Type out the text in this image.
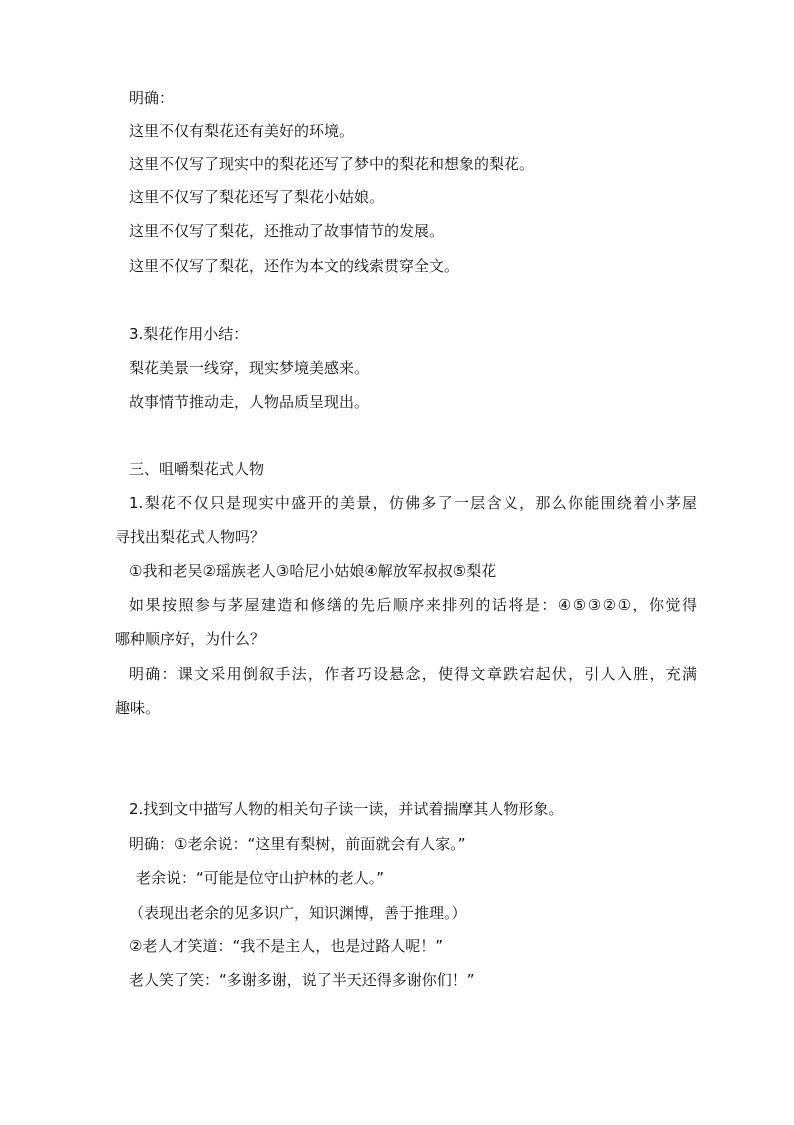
明确：

这里不仅有梨花还有美好的环境。

这里不仅写了现实中的梨花还写了梦中的梨花和想象的梨花。

这里不仅写了梨花还写了梨花小姑娘。

这里不仅写了梨花，还推动了故事情节的发展。

这里不仅写了梨花，还作为本文的线索贯穿全文。

3.梨花作用小结：

梨花美景一线穿，现实梦境美感来。

故事情节推动走，人物品质呈现出。

三、咀嚼梨花式人物

1.梨花不仅只是现实中盛开的美景，仿佛多了一层含义，那么你能围绕着小茅屋

寻找出梨花式人物吗？

①我和老吴②瑶族老人③哈尼小姑娘④解放军叔叔⑤梨花

如果按照参与茅屋建造和修缮的先后顺序来排列的话将是：④⑤③②①，你觉得

哪种顺序好，为什么？

明确：课文采用倒叙手法，作者巧设悬念，使得文章跌宕起伏，引人入胜，充满

趣味。

2.找到文中描写人物的相关句子读一读，并试着揣摩其人物形象。

明确：①老余说：“这里有梨树，前面就会有人家。”

老余说：“可能是位守山护林的老人。”

（表现出老余的见多识广，知识渊博，善于推理。）

②老人才笑道：“我不是主人，也是过路人呢！”

老人笑了笑：“多谢多谢，说了半天还得多谢你们！”
